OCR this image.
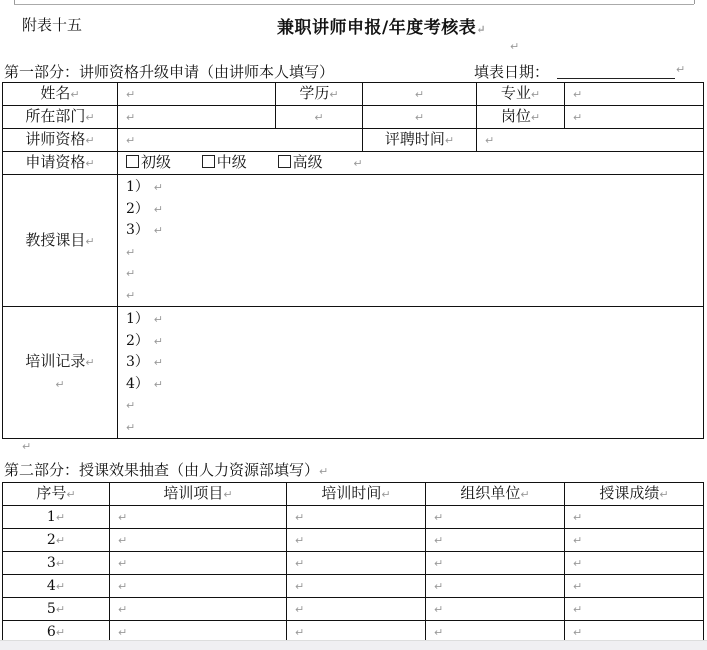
附表十五	兼职讲师申报/年度考核表↵
↵
第一部分：讲师资格升级申请（由讲师本人填写）	填表日期：	↵
姓名↵	↵	学历↵	↵	专业↵	↵
所在部门↵	↵	↵	↵	岗位↵	↵
讲师资格↵	↵		评聘时间↵	↵	
申请资格↵	初级 中级 高级 ↵				
教授课目↵	
1） ↵
2） ↵
3） ↵
↵
↵
↵

培训记录↵
↵	
1） ↵
2） ↵
3） ↵
4） ↵
↵
↵
↵
第二部分：授课效果抽查（由人力资源部填写）↵
序号↵	培训项目↵	培训时间↵	组织单位↵	授课成绩↵
1↵	↵	↵	↵	↵
2↵	↵	↵	↵	↵
3↵	↵	↵	↵	↵
4↵	↵	↵	↵	↵
5↵	↵	↵	↵	↵
6↵	↵	↵	↵	↵
